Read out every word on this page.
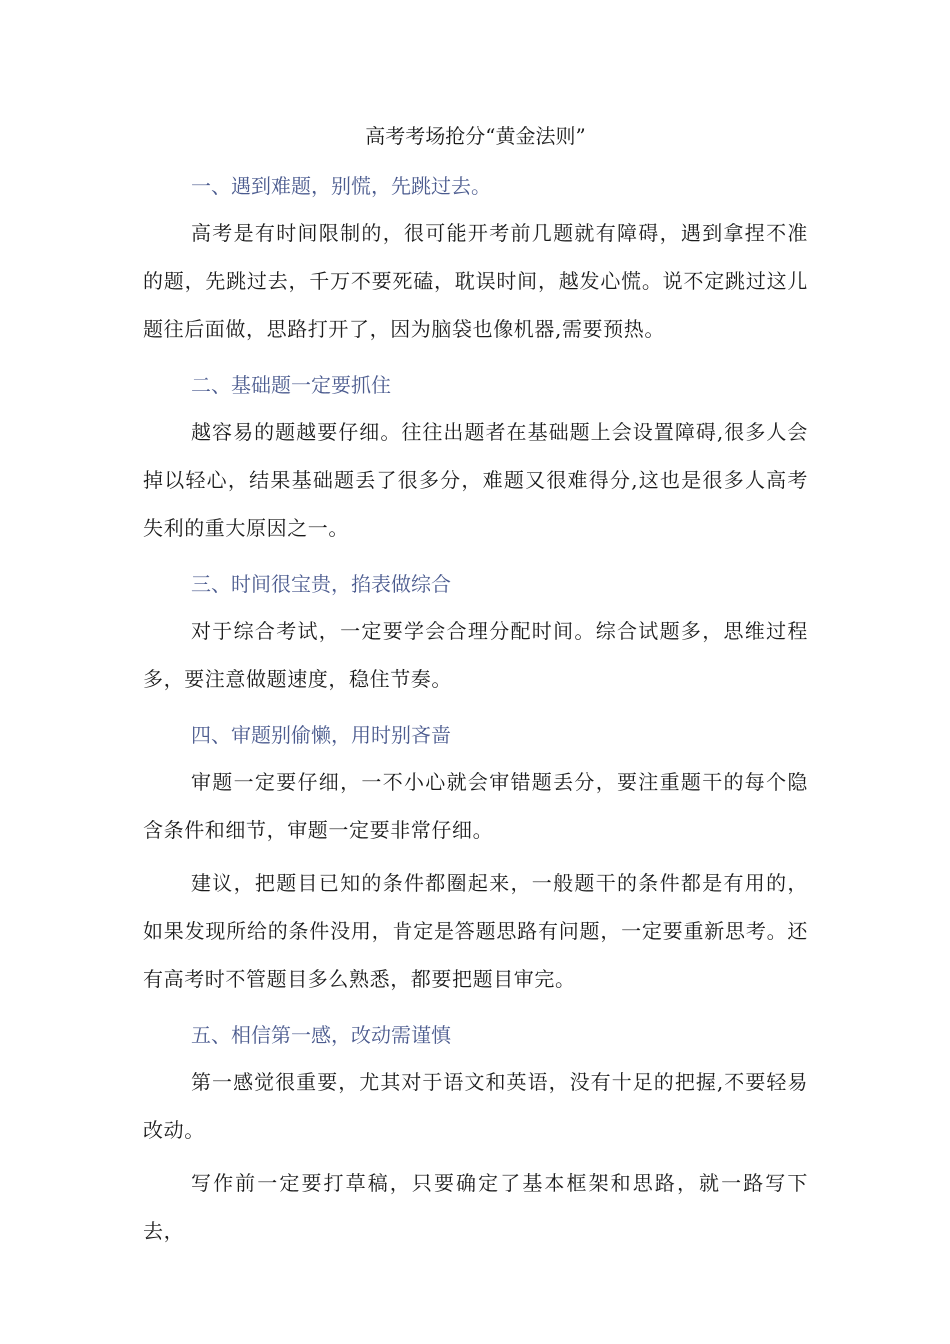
高考考场抢分“黄金法则”
一、遇到难题，别慌，先跳过去。

高考是有时间限制的，很可能开考前几题就有障碍，遇到拿捏不准的题，先跳过去，千万不要死磕，耽误时间，越发心慌。说不定跳过这儿题往后面做，思路打开了，因为脑袋也像机器,需要预热。

二、基础题一定要抓住

越容易的题越要仔细。往往出题者在基础题上会设置障碍,很多人会掉以轻心，结果基础题丢了很多分，难题又很难得分,这也是很多人高考失利的重大原因之一。

三、时间很宝贵，掐表做综合

对于综合考试，一定要学会合理分配时间。综合试题多，思维过程多，要注意做题速度，稳住节奏。

四、审题别偷懒，用时别吝啬

审题一定要仔细，一不小心就会审错题丢分，要注重题干的每个隐含条件和细节，审题一定要非常仔细。

建议，把题目已知的条件都圈起来，一般题干的条件都是有用的，如果发现所给的条件没用，肯定是答题思路有问题，一定要重新思考。还有高考时不管题目多么熟悉，都要把题目审完。

五、相信第一感，改动需谨慎

第一感觉很重要，尤其对于语文和英语，没有十足的把握,不要轻易改动。

写作前一定要打草稿，只要确定了基本框架和思路，就一路写下去，
